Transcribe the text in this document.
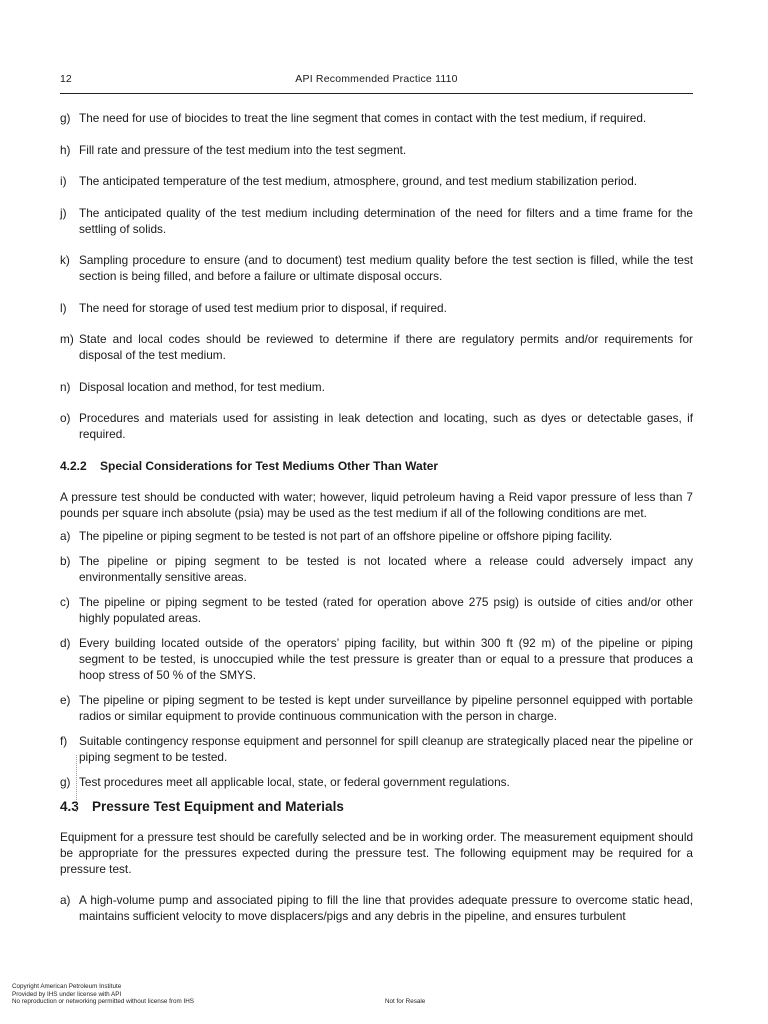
12	API Recommended Practice 1110
g) The need for use of biocides to treat the line segment that comes in contact with the test medium, if required.
h) Fill rate and pressure of the test medium into the test segment.
i) The anticipated temperature of the test medium, atmosphere, ground, and test medium stabilization period.
j) The anticipated quality of the test medium including determination of the need for filters and a time frame for the settling of solids.
k) Sampling procedure to ensure (and to document) test medium quality before the test section is filled, while the test section is being filled, and before a failure or ultimate disposal occurs.
l) The need for storage of used test medium prior to disposal, if required.
m) State and local codes should be reviewed to determine if there are regulatory permits and/or requirements for disposal of the test medium.
n) Disposal location and method, for test medium.
o) Procedures and materials used for assisting in leak detection and locating, such as dyes or detectable gases, if required.
4.2.2 Special Considerations for Test Mediums Other Than Water

A pressure test should be conducted with water; however, liquid petroleum having a Reid vapor pressure of less than 7 pounds per square inch absolute (psia) may be used as the test medium if all of the following conditions are met.

a) The pipeline or piping segment to be tested is not part of an offshore pipeline or offshore piping facility.
b) The pipeline or piping segment to be tested is not located where a release could adversely impact any environmentally sensitive areas.
c) The pipeline or piping segment to be tested (rated for operation above 275 psig) is outside of cities and/or other highly populated areas.
d) Every building located outside of the operators’ piping facility, but within 300 ft (92 m) of the pipeline or piping segment to be tested, is unoccupied while the test pressure is greater than or equal to a pressure that produces a hoop stress of 50 % of the SMYS.
e) The pipeline or piping segment to be tested is kept under surveillance by pipeline personnel equipped with portable radios or similar equipment to provide continuous communication with the person in charge.
f) Suitable contingency response equipment and personnel for spill cleanup are strategically placed near the pipeline or piping segment to be tested.
g) Test procedures meet all applicable local, state, or federal government regulations.
4.3 Pressure Test Equipment and Materials

Equipment for a pressure test should be carefully selected and be in working order. The measurement equipment should be appropriate for the pressures expected during the pressure test. The following equipment may be required for a pressure test.

a) A high-volume pump and associated piping to fill the line that provides adequate pressure to overcome static head, maintains sufficient velocity to move displacers/pigs and any debris in the pipeline, and ensures turbulent
Copyright American Petroleum Institute
Provided by IHS under license with API
No reproduction or networking permitted without license from IHS	Not for Resale
